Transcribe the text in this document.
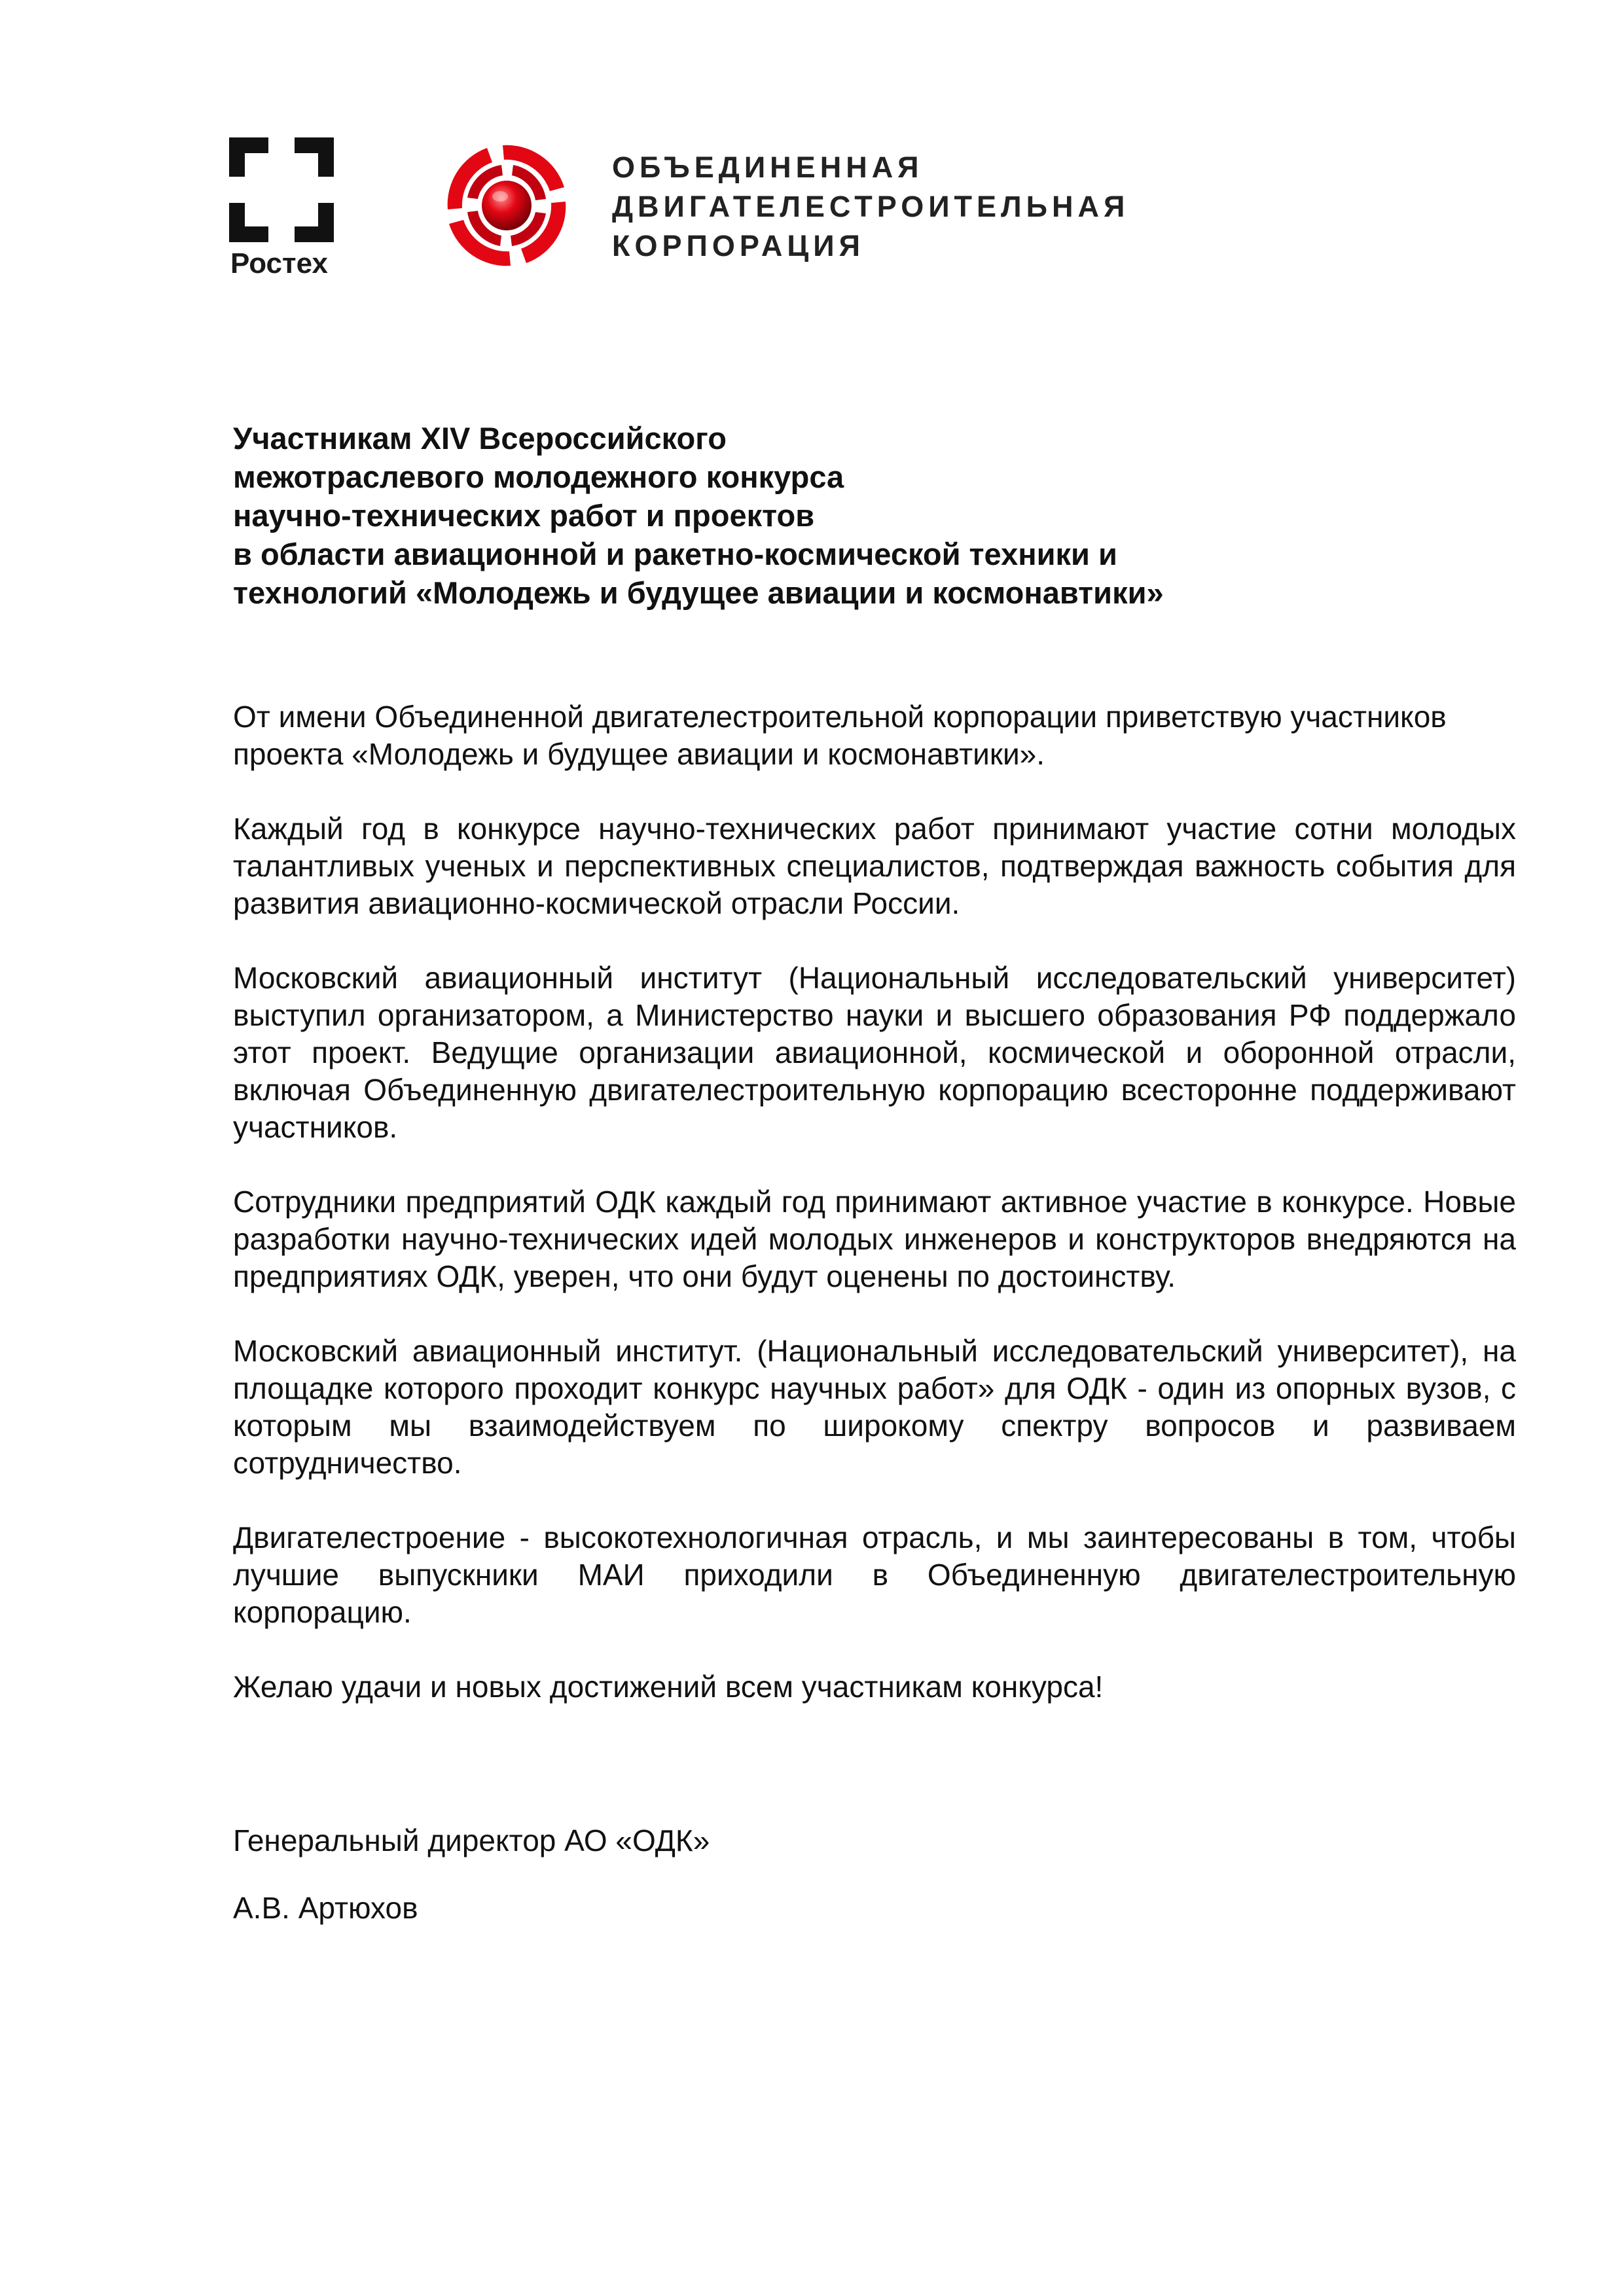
Ростех
ОБЪЕДИНЕННАЯ
ДВИГАТЕЛЕСТРОИТЕЛЬНАЯ
КОРПОРАЦИЯ
Участникам XIV Всероссийского
межотраслевого молодежного конкурса
научно-технических работ и проектов
в области авиационной и ракетно-космической техники и
технологий «Молодежь и будущее авиации и космонавтики»

От имени Объединенной двигателестроительной корпорации приветствую участников проекта «Молодежь и будущее авиации и космонавтики».

Каждый год в конкурсе научно-технических работ принимают участие сотни молодых талантливых ученых и перспективных специалистов, подтверждая важность события для развития авиационно-космической отрасли России.

Московский авиационный институт (Национальный исследовательский университет) выступил организатором, а Министерство науки и высшего образования РФ поддержало этот проект. Ведущие организации авиационной, космической и оборонной отрасли, включая Объединенную двигателестроительную корпорацию всесторонне поддерживают участников.

Сотрудники предприятий ОДК каждый год принимают активное участие в конкурсе. Новые разработки научно-технических идей молодых инженеров и конструкторов внедряются на предприятиях ОДК, уверен, что они будут оценены по достоинству.

Московский авиационный институт. (Национальный исследовательский университет), на площадке которого проходит конкурс научных работ» для ОДК - один из опорных вузов, с которым мы взаимодействуем по широкому спектру вопросов и развиваем сотрудничество.

Двигателестроение - высокотехнологичная отрасль, и мы заинтересованы в том, чтобы лучшие выпускники МАИ приходили в Объединенную двигателестроительную корпорацию.

Желаю удачи и новых достижений всем участникам конкурса!

Генеральный директор АО «ОДК»
А.В. Артюхов
